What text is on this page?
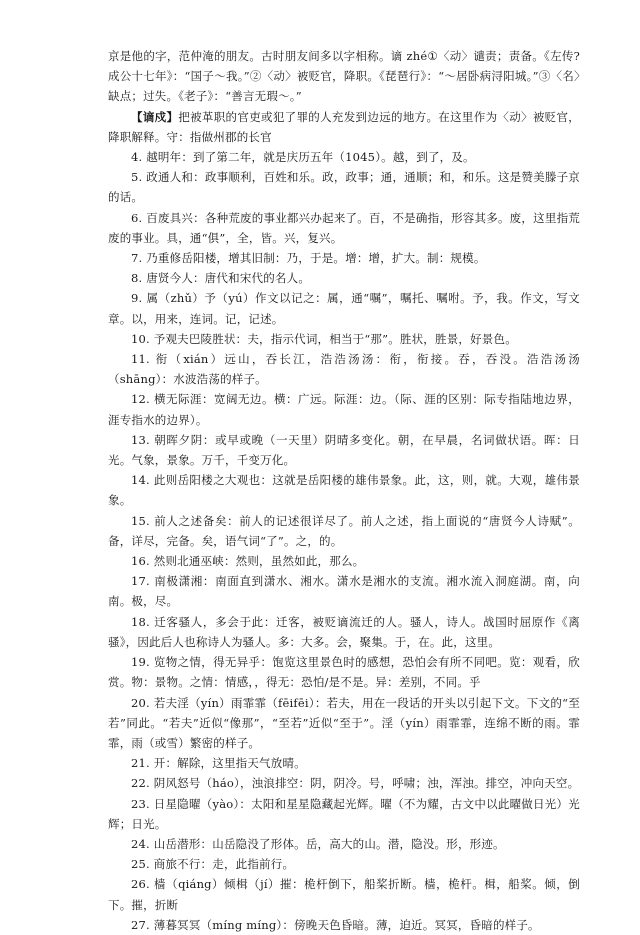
京是他的字，范仲淹的朋友。古时朋友间多以字相称。谪 zhé①〈动〉谴责；责备。《左传?成公十七年》：“国子～我。”②〈动〉被贬官，降职。《琵琶行》：“～居卧病浔阳城。”③〈名〉缺点；过失。《老子》：“善言无瑕～。”

【谪戍】把被革职的官吏或犯了罪的人充发到边远的地方。在这里作为〈动〉被贬官，降职解释。守：指做州郡的长官

4. 越明年：到了第二年，就是庆历五年（1045）。越，到了，及。

5. 政通人和：政事顺利，百姓和乐。政，政事；通，通顺；和，和乐。这是赞美滕子京的话。

6. 百废具兴：各种荒废的事业都兴办起来了。百，不是确指，形容其多。废，这里指荒废的事业。具，通“俱”，全，皆。兴，复兴。

7. 乃重修岳阳楼，增其旧制：乃，于是。增：增，扩大。制：规模。

8. 唐贤今人：唐代和宋代的名人。

9. 属（zhǔ）予（yú）作文以记之：属，通“嘱”，嘱托、嘱咐。予，我。作文，写文章。以，用来，连词。记，记述。

10. 予观夫巴陵胜状：夫，指示代词，相当于“那”。胜状，胜景，好景色。

11. 衔（xián）远山，吞长江，浩浩汤汤：衔，衔接。吞，吞没。浩浩汤汤（shāng）：水波浩荡的样子。

12. 横无际涯：宽阔无边。横：广远。际涯：边。（际、涯的区别：际专指陆地边界，涯专指水的边界）。

13. 朝晖夕阴：或早或晚（一天里）阴晴多变化。朝，在早晨，名词做状语。晖：日光。气象，景象。万千，千变万化。

14. 此则岳阳楼之大观也：这就是岳阳楼的雄伟景象。此，这，则，就。大观，雄伟景象。

15. 前人之述备矣：前人的记述很详尽了。前人之述，指上面说的“唐贤今人诗赋”。备，详尽，完备。矣，语气词“了”。之，的。

16. 然则北通巫峡：然则，虽然如此，那么。

17. 南极潇湘：南面直到潇水、湘水。潇水是湘水的支流。湘水流入洞庭湖。南，向南。极，尽。

18. 迁客骚人，多会于此：迁客，被贬谪流迁的人。骚人，诗人。战国时屈原作《离骚》，因此后人也称诗人为骚人。多：大多。会，聚集。于，在。此，这里。

19. 览物之情，得无异乎：饱览这里景色时的感想，恐怕会有所不同吧。览：观看，欣赏。物：景物。之情：情感，，得无：恐怕/是不是。异：差别，不同。乎

20. 若夫淫（yín）雨霏霏（fēifēi）：若夫，用在一段话的开头以引起下文。下文的“至若”同此。“若夫”近似“像那”，“至若”近似“至于”。淫（yín）雨霏霏，连绵不断的雨。霏霏，雨（或雪）繁密的样子。

21. 开：解除，这里指天气放晴。

22. 阴风怒号（háo），浊浪排空：阴，阴冷。号，呼啸；浊，浑浊。排空，冲向天空。

23. 日星隐曜（yào）：太阳和星星隐藏起光辉。曜（不为耀，古文中以此曜做日光）光辉；日光。

24. 山岳潜形：山岳隐没了形体。岳，高大的山。潜，隐没。形，形迹。

25. 商旅不行：走，此指前行。

26. 樯（qiáng）倾楫（jí）摧：桅杆倒下，船桨折断。樯，桅杆。楫，船桨。倾，倒下。摧，折断

27. 薄暮冥冥（míng míng）：傍晚天色昏暗。薄，迫近。冥冥，昏暗的样子。
